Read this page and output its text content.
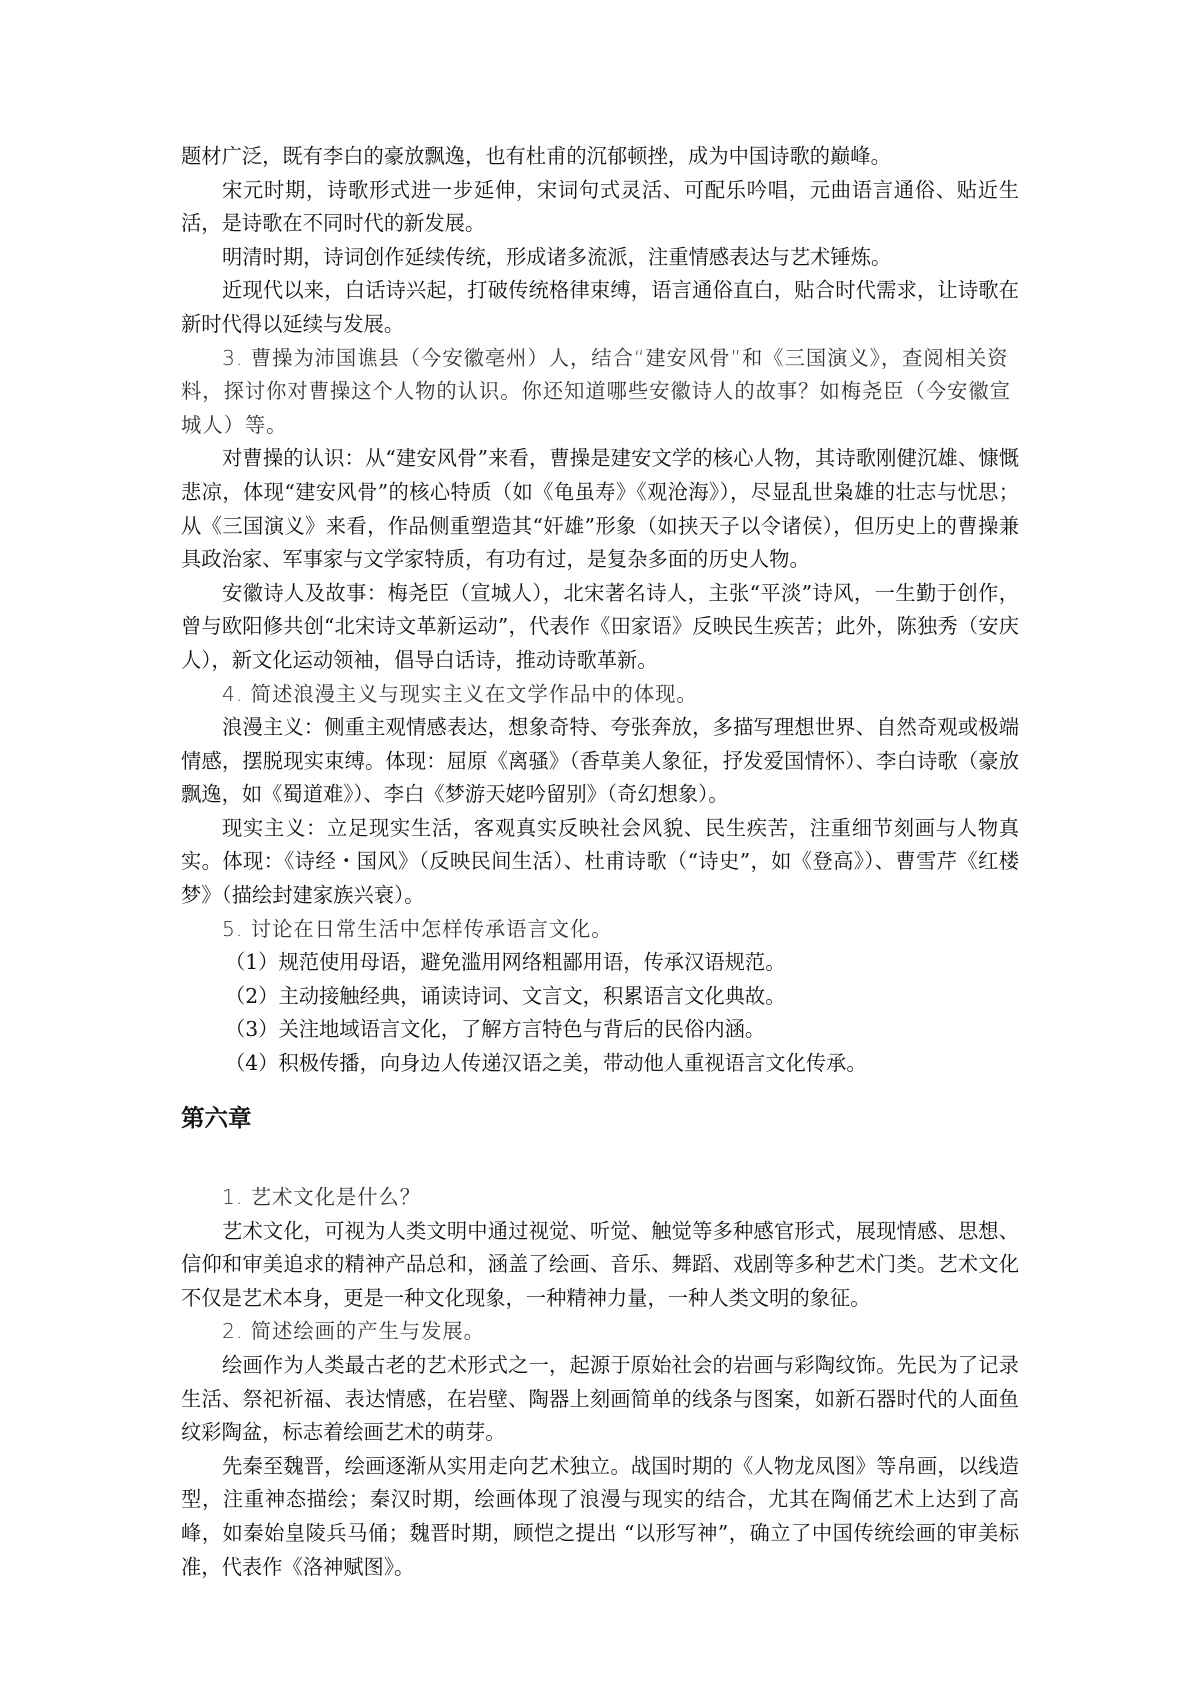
题材广泛，既有李白的豪放飘逸，也有杜甫的沉郁顿挫，成为中国诗歌的巅峰。

宋元时期，诗歌形式进一步延伸，宋词句式灵活、可配乐吟唱，元曲语言通俗、贴近生活，是诗歌在不同时代的新发展。

明清时期，诗词创作延续传统，形成诸多流派，注重情感表达与艺术锤炼。

近现代以来，白话诗兴起，打破传统格律束缚，语言通俗直白，贴合时代需求，让诗歌在新时代得以延续与发展。

3. 曹操为沛国谯县（今安徽亳州）人，结合“建安风骨”和《三国演义》，查阅相关资料，探讨你对曹操这个人物的认识。你还知道哪些安徽诗人的故事？如梅尧臣（今安徽宣城人）等。

对曹操的认识：从“建安风骨”来看，曹操是建安文学的核心人物，其诗歌刚健沉雄、慷慨悲凉，体现“建安风骨”的核心特质（如《龟虽寿》《观沧海》），尽显乱世枭雄的壮志与忧思；从《三国演义》来看，作品侧重塑造其“奸雄”形象（如挟天子以令诸侯），但历史上的曹操兼具政治家、军事家与文学家特质，有功有过，是复杂多面的历史人物。

安徽诗人及故事：梅尧臣（宣城人），北宋著名诗人，主张“平淡”诗风，一生勤于创作，曾与欧阳修共创“北宋诗文革新运动”，代表作《田家语》反映民生疾苦；此外，陈独秀（安庆人），新文化运动领袖，倡导白话诗，推动诗歌革新。

4. 简述浪漫主义与现实主义在文学作品中的体现。

浪漫主义：侧重主观情感表达，想象奇特、夸张奔放，多描写理想世界、自然奇观或极端情感，摆脱现实束缚。体现：屈原《离骚》（香草美人象征，抒发爱国情怀）、李白诗歌（豪放飘逸，如《蜀道难》）、李白《梦游天姥吟留别》（奇幻想象）。

现实主义：立足现实生活，客观真实反映社会风貌、民生疾苦，注重细节刻画与人物真实。体现：《诗经・国风》（反映民间生活）、杜甫诗歌（“诗史”，如《登高》）、曹雪芹《红楼梦》（描绘封建家族兴衰）。

5. 讨论在日常生活中怎样传承语言文化。

（1）规范使用母语，避免滥用网络粗鄙用语，传承汉语规范。

（2）主动接触经典，诵读诗词、文言文，积累语言文化典故。

（3）关注地域语言文化，了解方言特色与背后的民俗内涵。

（4）积极传播，向身边人传递汉语之美，带动他人重视语言文化传承。

第六章

1. 艺术文化是什么？

艺术文化，可视为人类文明中通过视觉、听觉、触觉等多种感官形式，展现情感、思想、信仰和审美追求的精神产品总和，涵盖了绘画、音乐、舞蹈、戏剧等多种艺术门类。艺术文化不仅是艺术本身，更是一种文化现象，一种精神力量，一种人类文明的象征。

2. 简述绘画的产生与发展。

绘画作为人类最古老的艺术形式之一，起源于原始社会的岩画与彩陶纹饰。先民为了记录生活、祭祀祈福、表达情感，在岩壁、陶器上刻画简单的线条与图案，如新石器时代的人面鱼纹彩陶盆，标志着绘画艺术的萌芽。

先秦至魏晋，绘画逐渐从实用走向艺术独立。战国时期的《人物龙凤图》等帛画，以线造型，注重神态描绘；秦汉时期，绘画体现了浪漫与现实的结合，尤其在陶俑艺术上达到了高峰，如秦始皇陵兵马俑；魏晋时期，顾恺之提出 “以形写神”，确立了中国传统绘画的审美标准，代表作《洛神赋图》。
